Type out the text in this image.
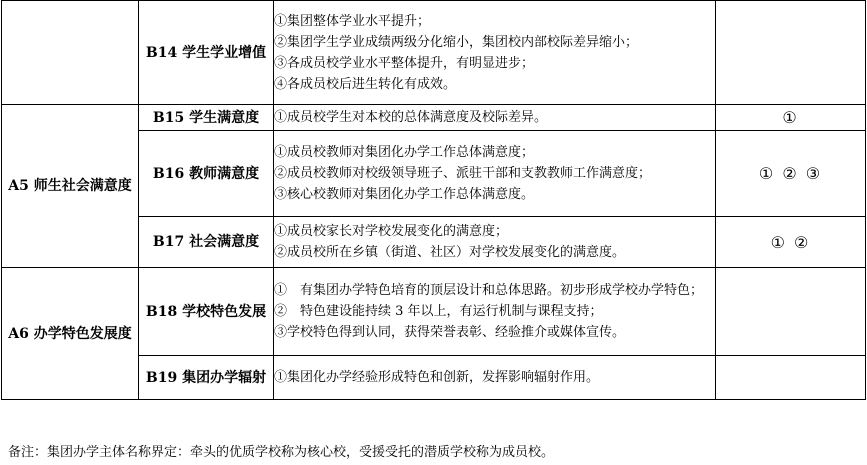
	B14 学生学业增值	①集团整体学业水平提升；
②集团学生学业成绩两级分化缩小，集团校内部校际差异缩小；
③各成员校学业水平整体提升，有明显进步；
④各成员校后进生转化有成效。	

A5 师生社会满意度	B15 学生满意度	①成员校学生对本校的总体满意度及校际差异。	①
	B16 教师满意度	①成员校教师对集团化办学工作总体满意度；
②成员校教师对校级领导班子、派驻干部和支教教师工作满意度；
③核心校教师对集团化办学工作总体满意度。	① ② ③
	B17 社会满意度	①成员校家长对学校发展变化的满意度；
②成员校所在乡镇（街道、社区）对学校发展变化的满意度。	① ②
A6 办学特色发展度	B18 学校特色发展	①　有集团办学特色培育的顶层设计和总体思路。初步形成学校办学特色；
②　特色建设能持续 3 年以上，有运行机制与课程支持；
③学校特色得到认同，获得荣誉表彰、经验推介或媒体宣传。	

	B19 集团办学辐射	①集团化办学经验形成特色和创新，发挥影响辐射作用。	

备注：集团办学主体名称界定：牵头的优质学校称为核心校，受援受托的潜质学校称为成员校。
